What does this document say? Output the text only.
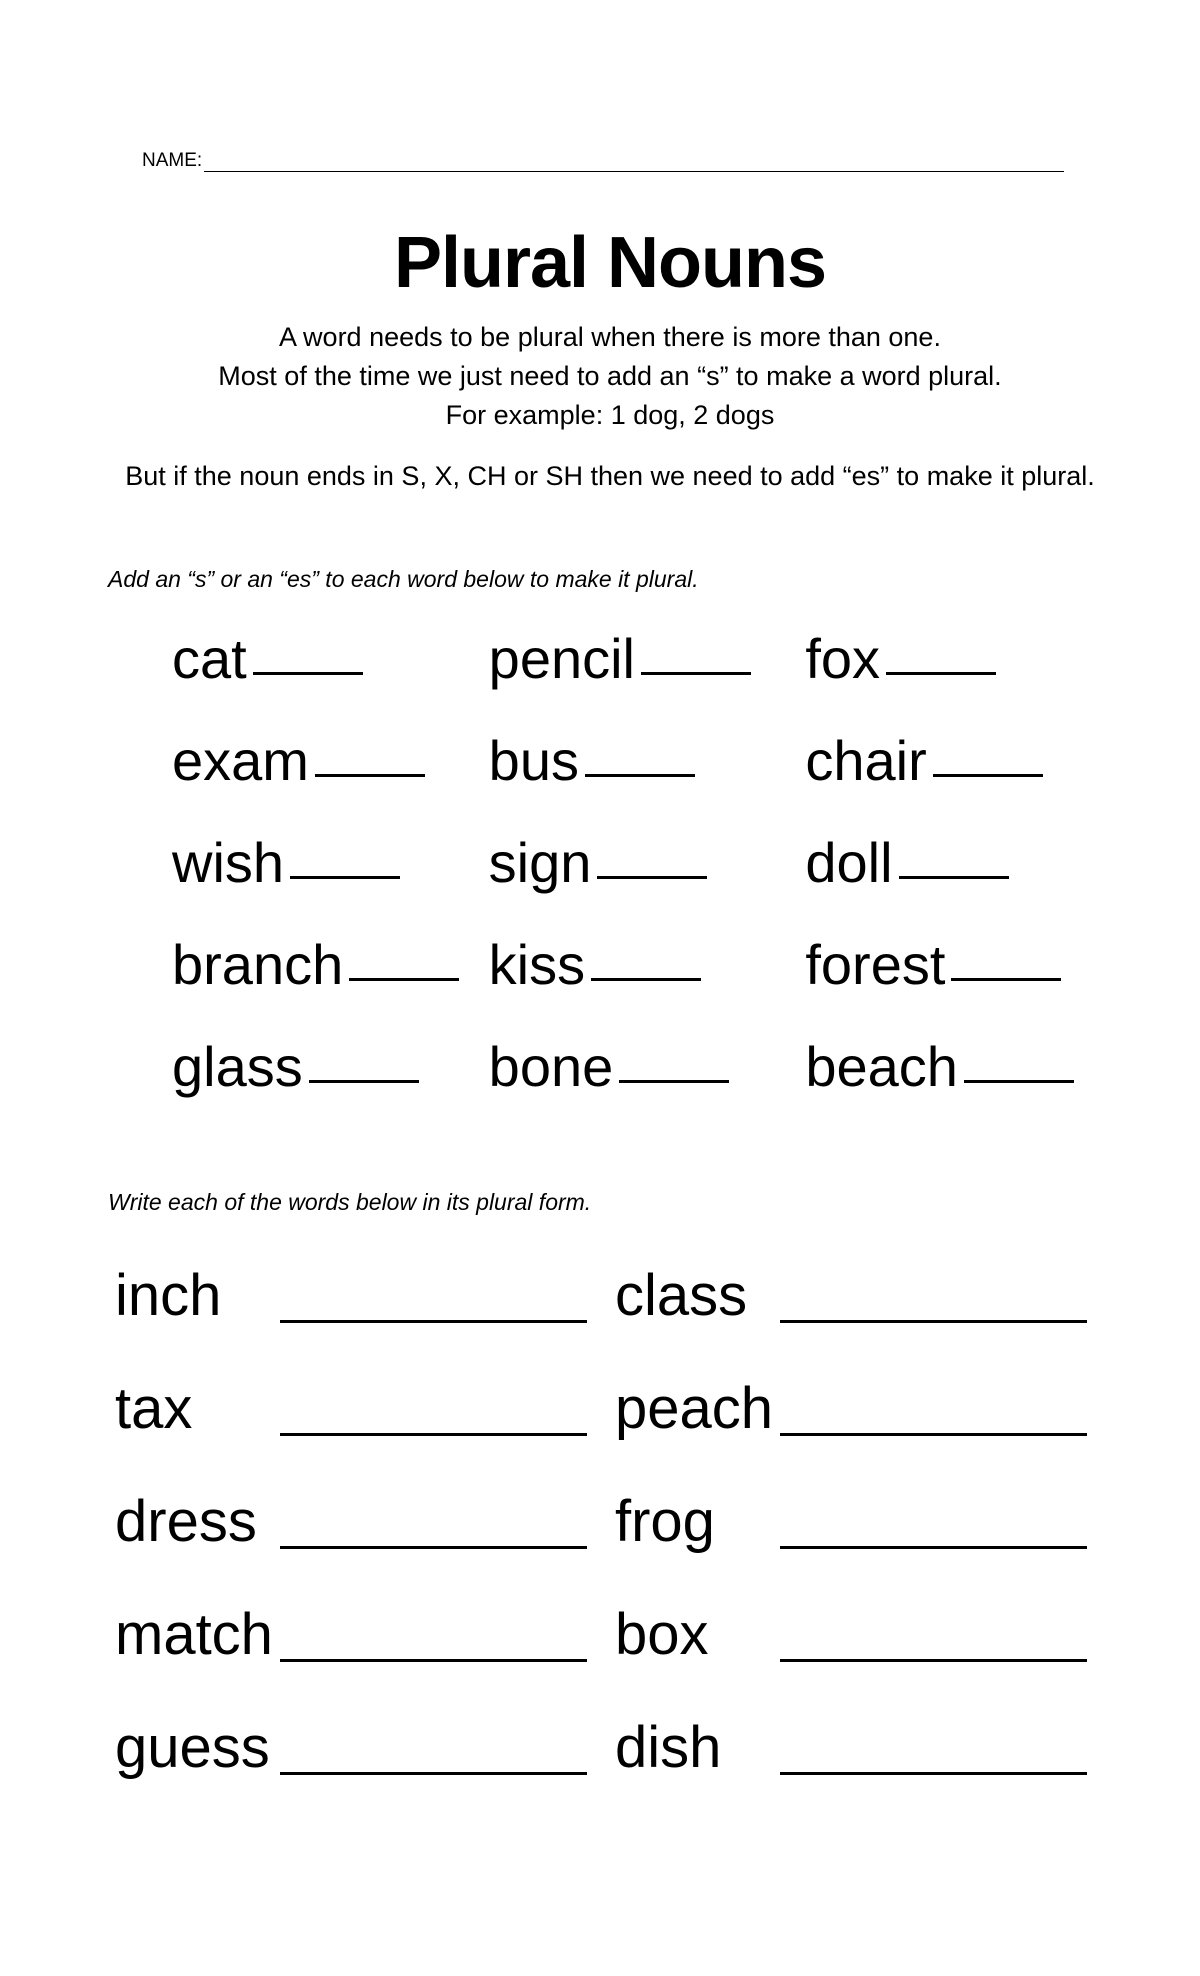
NAME:
Plural Nouns
A word needs to be plural when there is more than one.
Most of the time we just need to add an “s” to make a word plural.
For example: 1 dog, 2 dogs
But if the noun ends in S, X, CH or SH then we need to add “es” to make it plural.
Add an “s” or an “es” to each word below to make it plural.
cat	pencil	fox
exam	bus	chair
wish	sign	doll
branch	kiss	forest
glass	bone	beach
Write each of the words below in its plural form.
inch	class
tax	peach
dress	frog
match	box
guess	dish
